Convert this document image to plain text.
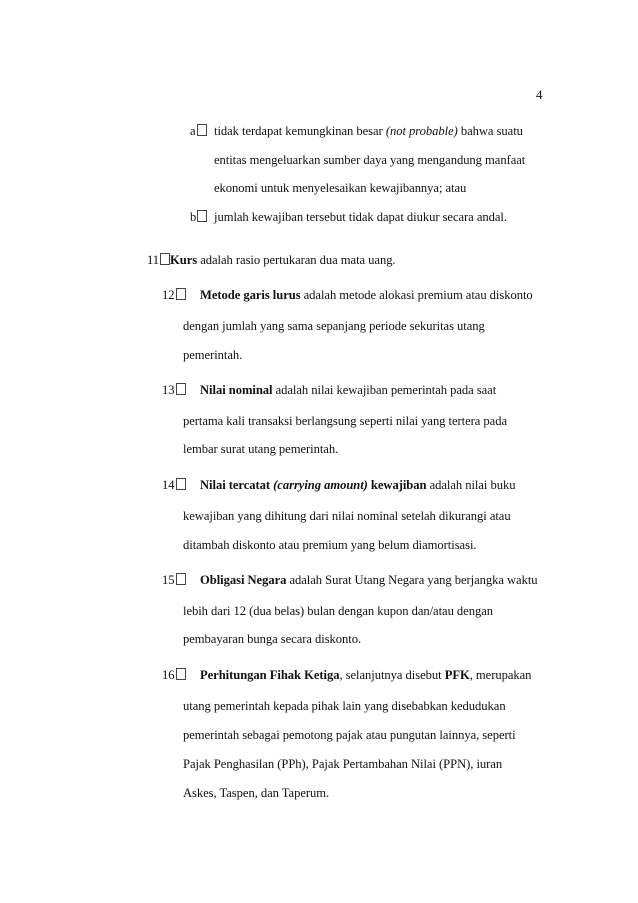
4
a	tidak terdapat kemungkinan besar (not probable) bahwa suatu
entitas mengeluarkan sumber daya yang mengandung manfaat
ekonomi untuk menyelesaikan kewajibannya; atau
b	jumlah kewajiban tersebut tidak dapat diukur secara andal.
11 Kurs adalah rasio pertukaran dua mata uang.
12	Metode garis lurus adalah metode alokasi premium atau diskonto
dengan jumlah yang sama sepanjang periode sekuritas utang
pemerintah.
13	Nilai nominal adalah nilai kewajiban pemerintah pada saat
pertama kali transaksi berlangsung seperti nilai yang tertera pada
lembar surat utang pemerintah.
14	Nilai tercatat (carrying amount) kewajiban adalah nilai buku
kewajiban yang dihitung dari nilai nominal setelah dikurangi atau
ditambah diskonto atau premium yang belum diamortisasi.
15	Obligasi Negara adalah Surat Utang Negara yang berjangka waktu
lebih dari 12 (dua belas) bulan dengan kupon dan/atau dengan
pembayaran bunga secara diskonto.
16	Perhitungan Fihak Ketiga, selanjutnya disebut PFK, merupakan
utang pemerintah kepada pihak lain yang disebabkan kedudukan
pemerintah sebagai pemotong pajak atau pungutan lainnya, seperti
Pajak Penghasilan (PPh), Pajak Pertambahan Nilai (PPN), iuran
Askes, Taspen, dan Taperum.
